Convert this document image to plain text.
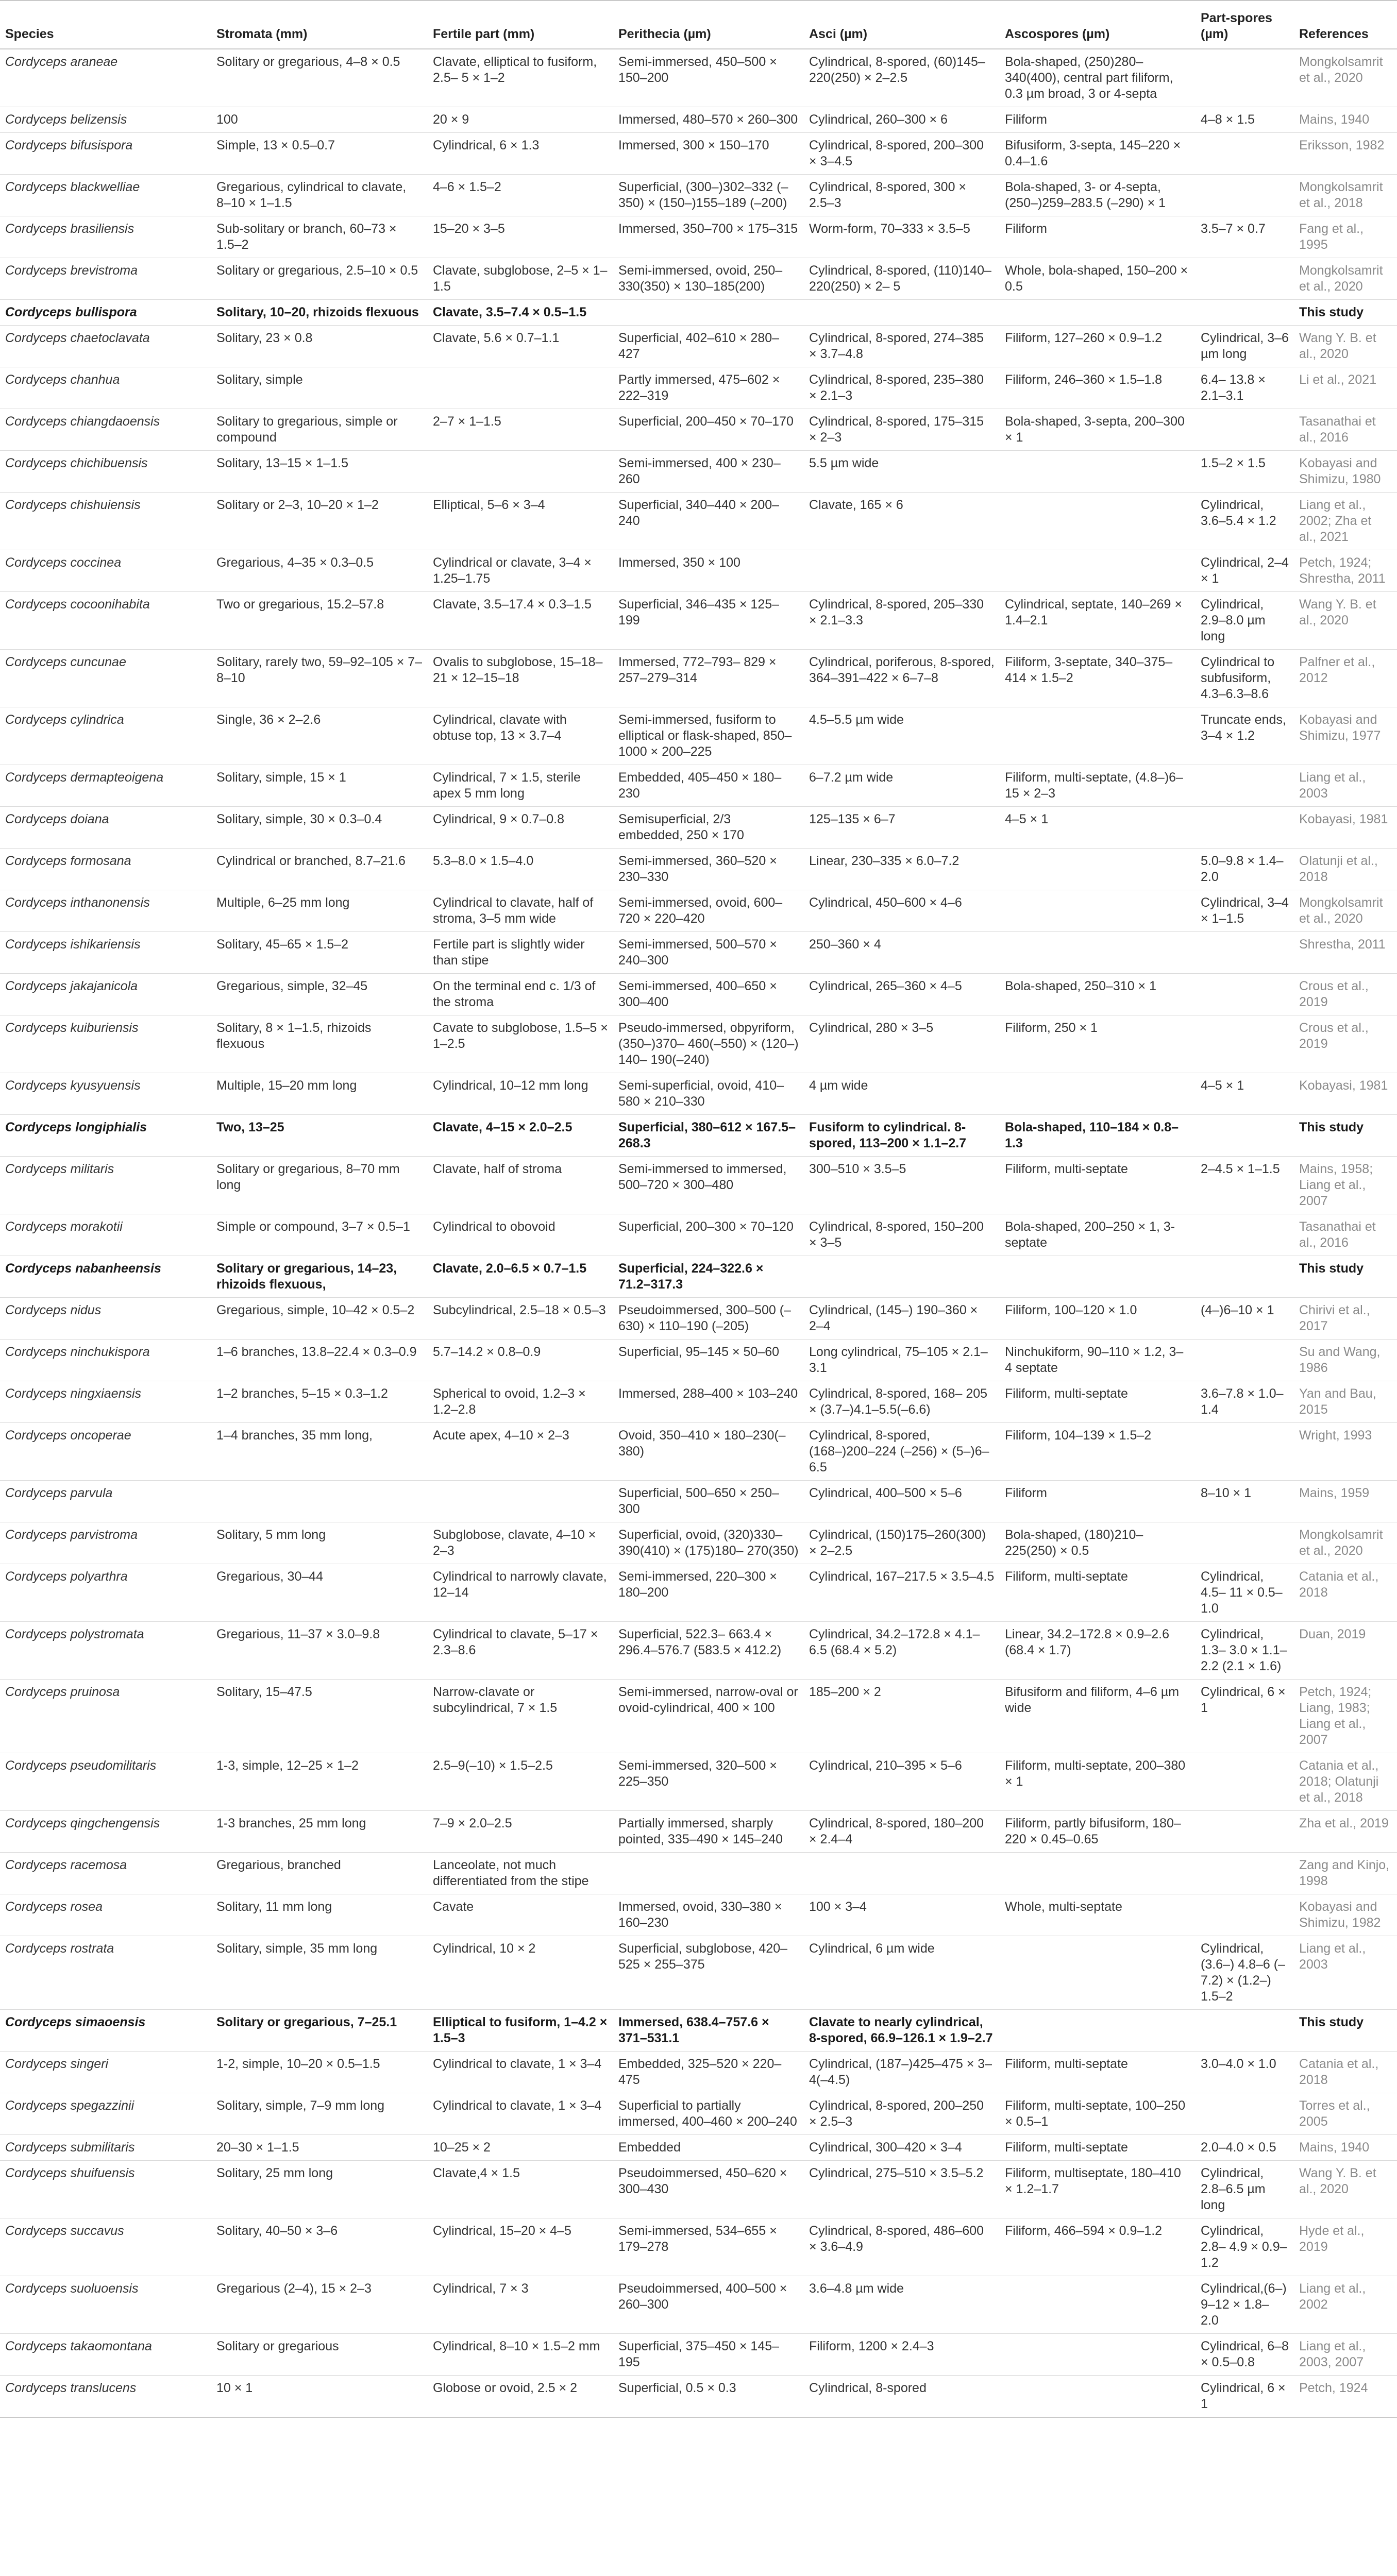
Species	Stromata (mm)	Fertile part (mm)	Perithecia (µm)	Asci (µm)	Ascospores (µm)	Part-spores (µm)	References
Cordyceps araneae	Solitary or gregarious, 4–8 × 0.5	Clavate, elliptical to fusiform, 2.5– 5 × 1–2	Semi-immersed, 450–500 × 150–200	Cylindrical, 8-spored, (60)145–220(250) × 2–2.5	Bola-shaped, (250)280–340(400), central part filiform, 0.3 µm broad, 3 or 4-septa		Mongkolsamrit et al., 2020
Cordyceps belizensis	100	20 × 9	Immersed, 480–570 × 260–300	Cylindrical, 260–300 × 6	Filiform	4–8 × 1.5	Mains, 1940
Cordyceps bifusispora	Simple, 13 × 0.5–0.7	Cylindrical, 6 × 1.3	Immersed, 300 × 150–170	Cylindrical, 8-spored, 200–300 × 3–4.5	Bifusiform, 3-septa, 145–220 × 0.4–1.6		Eriksson, 1982
Cordyceps blackwelliae	Gregarious, cylindrical to clavate, 8–10 × 1–1.5	4–6 × 1.5–2	Superficial, (300–)302–332 (–350) × (150–)155–189 (–200)	Cylindrical, 8-spored, 300 × 2.5–3	Bola-shaped, 3- or 4-septa, (250–)259–283.5 (–290) × 1		Mongkolsamrit et al., 2018
Cordyceps brasiliensis	Sub-solitary or branch, 60–73 × 1.5–2	15–20 × 3–5	Immersed, 350–700 × 175–315	Worm-form, 70–333 × 3.5–5	Filiform	3.5–7 × 0.7	Fang et al., 1995
Cordyceps brevistroma	Solitary or gregarious, 2.5–10 × 0.5	Clavate, subglobose, 2–5 × 1–1.5	Semi-immersed, ovoid, 250–330(350) × 130–185(200)	Cylindrical, 8-spored, (110)140–220(250) × 2– 5	Whole, bola-shaped, 150–200 × 0.5		Mongkolsamrit et al., 2020
Cordyceps bullispora	Solitary, 10–20, rhizoids flexuous	Clavate, 3.5–7.4 × 0.5–1.5					This study
Cordyceps chaetoclavata	Solitary, 23 × 0.8	Clavate, 5.6 × 0.7–1.1	Superficial, 402–610 × 280–427	Cylindrical, 8-spored, 274–385 × 3.7–4.8	Filiform, 127–260 × 0.9–1.2	Cylindrical, 3–6 µm long	Wang Y. B. et al., 2020
Cordyceps chanhua	Solitary, simple		Partly immersed, 475–602 × 222–319	Cylindrical, 8-spored, 235–380 × 2.1–3	Filiform, 246–360 × 1.5–1.8	6.4– 13.8 × 2.1–3.1	Li et al., 2021
Cordyceps chiangdaoensis	Solitary to gregarious, simple or compound	2–7 × 1–1.5	Superficial, 200–450 × 70–170	Cylindrical, 8-spored, 175–315 × 2–3	Bola-shaped, 3-septa, 200–300 × 1		Tasanathai et al., 2016
Cordyceps chichibuensis	Solitary, 13–15 × 1–1.5		Semi-immersed, 400 × 230–260	5.5 µm wide		1.5–2 × 1.5	Kobayasi and Shimizu, 1980
Cordyceps chishuiensis	Solitary or 2–3, 10–20 × 1–2	Elliptical, 5–6 × 3–4	Superficial, 340–440 × 200–240	Clavate, 165 × 6		Cylindrical, 3.6–5.4 × 1.2	Liang et al., 2002; Zha et al., 2021
Cordyceps coccinea	Gregarious, 4–35 × 0.3–0.5	Cylindrical or clavate, 3–4 × 1.25–1.75	Immersed, 350 × 100			Cylindrical, 2–4 × 1	Petch, 1924; Shrestha, 2011
Cordyceps cocoonihabita	Two or gregarious, 15.2–57.8	Clavate, 3.5–17.4 × 0.3–1.5	Superficial, 346–435 × 125–199	Cylindrical, 8-spored, 205–330 × 2.1–3.3	Cylindrical, septate, 140–269 × 1.4–2.1	Cylindrical, 2.9–8.0 µm long	Wang Y. B. et al., 2020
Cordyceps cuncunae	Solitary, rarely two, 59–92–105 × 7–8–10	Ovalis to subglobose, 15–18–21 × 12–15–18	Immersed, 772–793– 829 × 257–279–314	Cylindrical, poriferous, 8-spored, 364–391–422 × 6–7–8	Filiform, 3-septate, 340–375–414 × 1.5–2	Cylindrical to subfusiform, 4.3–6.3–8.6	Palfner et al., 2012
Cordyceps cylindrica	Single, 36 × 2–2.6	Cylindrical, clavate with obtuse top, 13 × 3.7–4	Semi-immersed, fusiform to elliptical or flask-shaped, 850–1000 × 200–225	4.5–5.5 µm wide		Truncate ends, 3–4 × 1.2	Kobayasi and Shimizu, 1977
Cordyceps dermapteoigena	Solitary, simple, 15 × 1	Cylindrical, 7 × 1.5, sterile apex 5 mm long	Embedded, 405–450 × 180–230	6–7.2 µm wide	Filiform, multi-septate, (4.8–)6–15 × 2–3		Liang et al., 2003
Cordyceps doiana	Solitary, simple, 30 × 0.3–0.4	Cylindrical, 9 × 0.7–0.8	Semisuperficial, 2/3 embedded, 250 × 170	125–135 × 6–7	4–5 × 1		Kobayasi, 1981
Cordyceps formosana	Cylindrical or branched, 8.7–21.6	5.3–8.0 × 1.5–4.0	Semi-immersed, 360–520 × 230–330	Linear, 230–335 × 6.0–7.2		5.0–9.8 × 1.4– 2.0	Olatunji et al., 2018
Cordyceps inthanonensis	Multiple, 6–25 mm long	Cylindrical to clavate, half of stroma, 3–5 mm wide	Semi-immersed, ovoid, 600–720 × 220–420	Cylindrical, 450–600 × 4–6		Cylindrical, 3–4 × 1–1.5	Mongkolsamrit et al., 2020
Cordyceps ishikariensis	Solitary, 45–65 × 1.5–2	Fertile part is slightly wider than stipe	Semi-immersed, 500–570 × 240–300	250–360 × 4			Shrestha, 2011
Cordyceps jakajanicola	Gregarious, simple, 32–45	On the terminal end c. 1/3 of the stroma	Semi-immersed, 400–650 × 300–400	Cylindrical, 265–360 × 4–5	Bola-shaped, 250–310 × 1		Crous et al., 2019
Cordyceps kuiburiensis	Solitary, 8 × 1–1.5, rhizoids flexuous	Cavate to subglobose, 1.5–5 × 1–2.5	Pseudo-immersed, obpyriform, (350–)370– 460(–550) × (120–) 140– 190(–240)	Cylindrical, 280 × 3–5	Filiform, 250 × 1		Crous et al., 2019
Cordyceps kyusyuensis	Multiple, 15–20 mm long	Cylindrical, 10–12 mm long	Semi-superficial, ovoid, 410–580 × 210–330	4 µm wide		4–5 × 1	Kobayasi, 1981
Cordyceps longiphialis	Two, 13–25	Clavate, 4–15 × 2.0–2.5	Superficial, 380–612 × 167.5–268.3	Fusiform to cylindrical. 8-spored, 113–200 × 1.1–2.7	Bola-shaped, 110–184 × 0.8–1.3		This study
Cordyceps militaris	Solitary or gregarious, 8–70 mm long	Clavate, half of stroma	Semi-immersed to immersed, 500–720 × 300–480	300–510 × 3.5–5	Filiform, multi-septate	2–4.5 × 1–1.5	Mains, 1958; Liang et al., 2007
Cordyceps morakotii	Simple or compound, 3–7 × 0.5–1	Cylindrical to obovoid	Superficial, 200–300 × 70–120	Cylindrical, 8-spored, 150–200 × 3–5	Bola-shaped, 200–250 × 1, 3-septate		Tasanathai et al., 2016
Cordyceps nabanheensis	Solitary or gregarious, 14–23, rhizoids flexuous,	Clavate, 2.0–6.5 × 0.7–1.5	Superficial, 224–322.6 × 71.2–317.3				This study
Cordyceps nidus	Gregarious, simple, 10–42 × 0.5–2	Subcylindrical, 2.5–18 × 0.5–3	Pseudoimmersed, 300–500 (–630) × 110–190 (–205)	Cylindrical, (145–) 190–360 × 2–4	Filiform, 100–120 × 1.0	(4–)6–10 × 1	Chirivi et al., 2017
Cordyceps ninchukispora	1–6 branches, 13.8–22.4 × 0.3–0.9	5.7–14.2 × 0.8–0.9	Superficial, 95–145 × 50–60	Long cylindrical, 75–105 × 2.1–3.1	Ninchukiform, 90–110 × 1.2, 3–4 septate		Su and Wang, 1986
Cordyceps ningxiaensis	1–2 branches, 5–15 × 0.3–1.2	Spherical to ovoid, 1.2–3 × 1.2–2.8	Immersed, 288–400 × 103–240	Cylindrical, 8-spored, 168– 205 × (3.7–)4.1–5.5(–6.6)	Filiform, multi-septate	3.6–7.8 × 1.0– 1.4	Yan and Bau, 2015
Cordyceps oncoperae	1–4 branches, 35 mm long,	Acute apex, 4–10 × 2–3	Ovoid, 350–410 × 180–230(–380)	Cylindrical, 8-spored, (168–)200–224 (–256) × (5–)6–6.5	Filiform, 104–139 × 1.5–2		Wright, 1993
Cordyceps parvula			Superficial, 500–650 × 250–300	Cylindrical, 400–500 × 5–6	Filiform	8–10 × 1	Mains, 1959
Cordyceps parvistroma	Solitary, 5 mm long	Subglobose, clavate, 4–10 × 2–3	Superficial, ovoid, (320)330– 390(410) × (175)180– 270(350)	Cylindrical, (150)175–260(300) × 2–2.5	Bola-shaped, (180)210–225(250) × 0.5		Mongkolsamrit et al., 2020
Cordyceps polyarthra	Gregarious, 30–44	Cylindrical to narrowly clavate, 12–14	Semi-immersed, 220–300 × 180–200	Cylindrical, 167–217.5 × 3.5–4.5	Filiform, multi-septate	Cylindrical, 4.5– 11 × 0.5–1.0	Catania et al., 2018
Cordyceps polystromata	Gregarious, 11–37 × 3.0–9.8	Cylindrical to clavate, 5–17 × 2.3–8.6	Superficial, 522.3– 663.4 × 296.4–576.7 (583.5 × 412.2)	Cylindrical, 34.2–172.8 × 4.1–6.5 (68.4 × 5.2)	Linear, 34.2–172.8 × 0.9–2.6 (68.4 × 1.7)	Cylindrical, 1.3– 3.0 × 1.1–2.2 (2.1 × 1.6)	Duan, 2019
Cordyceps pruinosa	Solitary, 15–47.5	Narrow-clavate or subcylindrical, 7 × 1.5	Semi-immersed, narrow-oval or ovoid-cylindrical, 400 × 100	185–200 × 2	Bifusiform and filiform, 4–6 µm wide	Cylindrical, 6 × 1	Petch, 1924; Liang, 1983; Liang et al., 2007
Cordyceps pseudomilitaris	1-3, simple, 12–25 × 1–2	2.5–9(–10) × 1.5–2.5	Semi-immersed, 320–500 × 225–350	Cylindrical, 210–395 × 5–6	Filiform, multi-septate, 200–380 × 1		Catania et al., 2018; Olatunji et al., 2018
Cordyceps qingchengensis	1-3 branches, 25 mm long	7–9 × 2.0–2.5	Partially immersed, sharply pointed, 335–490 × 145–240	Cylindrical, 8-spored, 180–200 × 2.4–4	Filiform, partly bifusiform, 180–220 × 0.45–0.65		Zha et al., 2019
Cordyceps racemosa	Gregarious, branched	Lanceolate, not much differentiated from the stipe					Zang and Kinjo, 1998
Cordyceps rosea	Solitary, 11 mm long	Cavate	Immersed, ovoid, 330–380 × 160–230	100 × 3–4	Whole, multi-septate		Kobayasi and Shimizu, 1982
Cordyceps rostrata	Solitary, simple, 35 mm long	Cylindrical, 10 × 2	Superficial, subglobose, 420–525 × 255–375	Cylindrical, 6 µm wide		Cylindrical, (3.6–) 4.8–6 (–7.2) × (1.2–) 1.5–2	Liang et al., 2003
Cordyceps simaoensis	Solitary or gregarious, 7–25.1	Elliptical to fusiform, 1–4.2 × 1.5–3	Immersed, 638.4–757.6 × 371–531.1	Clavate to nearly cylindrical, 8-spored, 66.9–126.1 × 1.9–2.7			This study
Cordyceps singeri	1-2, simple, 10–20 × 0.5–1.5	Cylindrical to clavate, 1 × 3–4	Embedded, 325–520 × 220–475	Cylindrical, (187–)425–475 × 3–4(–4.5)	Filiform, multi-septate	3.0–4.0 × 1.0	Catania et al., 2018
Cordyceps spegazzinii	Solitary, simple, 7–9 mm long	Cylindrical to clavate, 1 × 3–4	Superficial to partially immersed, 400–460 × 200–240	Cylindrical, 8-spored, 200–250 × 2.5–3	Filiform, multi-septate, 100–250 × 0.5–1		Torres et al., 2005
Cordyceps submilitaris	20–30 × 1–1.5	10–25 × 2	Embedded	Cylindrical, 300–420 × 3–4	Filiform, multi-septate	2.0–4.0 × 0.5	Mains, 1940
Cordyceps shuifuensis	Solitary, 25 mm long	Clavate,4 × 1.5	Pseudoimmersed, 450–620 × 300–430	Cylindrical, 275–510 × 3.5–5.2	Filiform, multiseptate, 180–410 × 1.2–1.7	Cylindrical, 2.8–6.5 µm long	Wang Y. B. et al., 2020
Cordyceps succavus	Solitary, 40–50 × 3–6	Cylindrical, 15–20 × 4–5	Semi-immersed, 534–655 × 179–278	Cylindrical, 8-spored, 486–600 × 3.6–4.9	Filiform, 466–594 × 0.9–1.2	Cylindrical, 2.8– 4.9 × 0.9–1.2	Hyde et al., 2019
Cordyceps suoluoensis	Gregarious (2–4), 15 × 2–3	Cylindrical, 7 × 3	Pseudoimmersed, 400–500 × 260–300	3.6–4.8 µm wide		Cylindrical,(6–) 9–12 × 1.8– 2.0	Liang et al., 2002
Cordyceps takaomontana	Solitary or gregarious	Cylindrical, 8–10 × 1.5–2 mm	Superficial, 375–450 × 145–195	Filiform, 1200 × 2.4–3		Cylindrical, 6–8 × 0.5–0.8	Liang et al., 2003, 2007
Cordyceps translucens	10 × 1	Globose or ovoid, 2.5 × 2	Superficial, 0.5 × 0.3	Cylindrical, 8-spored		Cylindrical, 6 × 1	Petch, 1924
